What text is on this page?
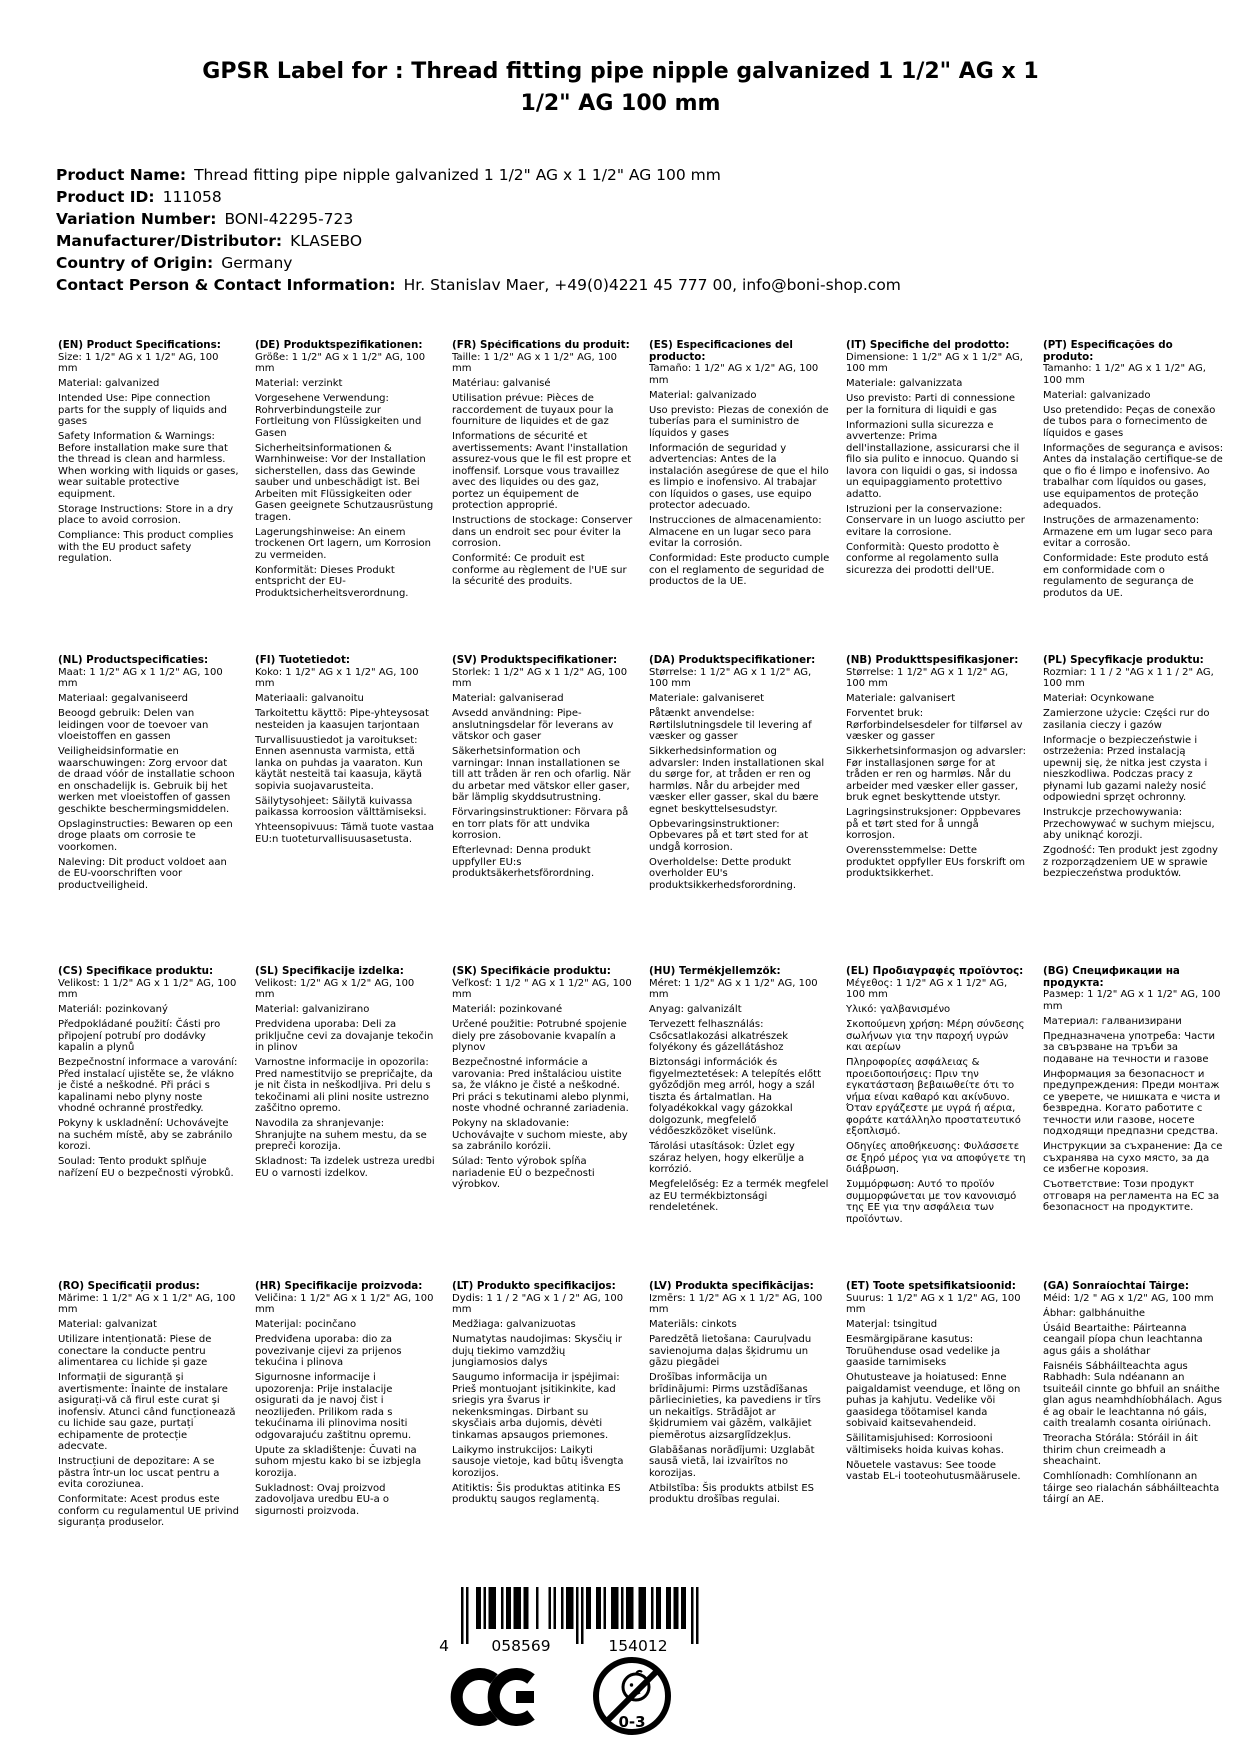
GPSR Label for : Thread fitting pipe nipple galvanized 1 1/2" AG x 1 1/2" AG 100 mm
Product Name: Thread fitting pipe nipple galvanized 1 1/2" AG x 1 1/2" AG 100 mm
Product ID: 111058
Variation Number: BONI-42295-723
Manufacturer/Distributor: KLASEBO
Country of Origin: Germany
Contact Person & Contact Information: Hr. Stanislav Maer, +49(0)4221 45 777 00, info@boni-shop.com
(EN) Product Specifications:

Size: 1 1/2" AG x 1 1/2" AG, 100 mm

Material: galvanized

Intended Use: Pipe connection parts for the supply of liquids and gases

Safety Information & Warnings: Before installation make sure that the thread is clean and harmless. When working with liquids or gases, wear suitable protective equipment.

Storage Instructions: Store in a dry place to avoid corrosion.

Compliance: This product complies with the EU product safety regulation.

(DE) Produktspezifikationen:

Größe: 1 1/2" AG x 1 1/2" AG, 100 mm

Material: verzinkt

Vorgesehene Verwendung: Rohrverbindungsteile zur Fortleitung von Flüssigkeiten und Gasen

Sicherheitsinformationen & Warnhinweise: Vor der Installation sicherstellen, dass das Gewinde sauber und unbeschädigt ist. Bei Arbeiten mit Flüssigkeiten oder Gasen geeignete Schutzausrüstung tragen.

Lagerungshinweise: An einem trockenen Ort lagern, um Korrosion zu vermeiden.

Konformität: Dieses Produkt entspricht der EU-Produktsicherheitsverordnung.

(FR) Spécifications du produit:

Taille: 1 1/2" AG x 1 1/2" AG, 100 mm

Matériau: galvanisé

Utilisation prévue: Pièces de raccordement de tuyaux pour la fourniture de liquides et de gaz

Informations de sécurité et avertissements: Avant l'installation assurez-vous que le fil est propre et inoffensif. Lorsque vous travaillez avec des liquides ou des gaz, portez un équipement de protection approprié.

Instructions de stockage: Conserver dans un endroit sec pour éviter la corrosion.

Conformité: Ce produit est conforme au règlement de l'UE sur la sécurité des produits.

(ES) Especificaciones del producto:

Tamaño: 1 1/2" AG x 1/2" AG, 100 mm

Material: galvanizado

Uso previsto: Piezas de conexión de tuberías para el suministro de líquidos y gases

Información de seguridad y advertencias: Antes de la instalación asegúrese de que el hilo es limpio e inofensivo. Al trabajar con líquidos o gases, use equipo protector adecuado.

Instrucciones de almacenamiento: Almacene en un lugar seco para evitar la corrosión.

Conformidad: Este producto cumple con el reglamento de seguridad de productos de la UE.

(IT) Specifiche del prodotto:

Dimensione: 1 1/2" AG x 1 1/2" AG, 100 mm

Materiale: galvanizzata

Uso previsto: Parti di connessione per la fornitura di liquidi e gas

Informazioni sulla sicurezza e avvertenze: Prima dell'installazione, assicurarsi che il filo sia pulito e innocuo. Quando si lavora con liquidi o gas, si indossa un equipaggiamento protettivo adatto.

Istruzioni per la conservazione: Conservare in un luogo asciutto per evitare la corrosione.

Conformità: Questo prodotto è conforme al regolamento sulla sicurezza dei prodotti dell'UE.

(PT) Especificações do produto:

Tamanho: 1 1/2" AG x 1 1/2" AG, 100 mm

Material: galvanizado

Uso pretendido: Peças de conexão de tubos para o fornecimento de líquidos e gases

Informações de segurança e avisos: Antes da instalação certifique-se de que o fio é limpo e inofensivo. Ao trabalhar com líquidos ou gases, use equipamentos de proteção adequados.

Instruções de armazenamento: Armazene em um lugar seco para evitar a corrosão.

Conformidade: Este produto está em conformidade com o regulamento de segurança de produtos da UE.

(NL) Productspecificaties:

Maat: 1 1/2" AG x 1 1/2" AG, 100 mm

Materiaal: gegalvaniseerd

Beoogd gebruik: Delen van leidingen voor de toevoer van vloeistoffen en gassen

Veiligheidsinformatie en waarschuwingen: Zorg ervoor dat de draad vóór de installatie schoon en onschadelijk is. Gebruik bij het werken met vloeistoffen of gassen geschikte beschermingsmiddelen.

Opslaginstructies: Bewaren op een droge plaats om corrosie te voorkomen.

Naleving: Dit product voldoet aan de EU-voorschriften voor productveiligheid.

(FI) Tuotetiedot:

Koko: 1 1/2" AG x 1 1/2" AG, 100 mm

Materiaali: galvanoitu

Tarkoitettu käyttö: Pipe-yhteysosat nesteiden ja kaasujen tarjontaan

Turvallisuustiedot ja varoitukset: Ennen asennusta varmista, että lanka on puhdas ja vaaraton. Kun käytät nesteitä tai kaasuja, käytä sopivia suojavarusteita.

Säilytysohjeet: Säilytä kuivassa paikassa korroosion välttämiseksi.

Yhteensopivuus: Tämä tuote vastaa EU:n tuoteturvallisuusasetusta.

(SV) Produktspecifikationer:

Storlek: 1 1/2" AG x 1 1/2" AG, 100 mm

Material: galvaniserad

Avsedd användning: Pipe-anslutningsdelar för leverans av vätskor och gaser

Säkerhetsinformation och varningar: Innan installationen se till att tråden är ren och ofarlig. När du arbetar med vätskor eller gaser, bär lämplig skyddsutrustning.

Förvaringsinstruktioner: Förvara på en torr plats för att undvika korrosion.

Efterlevnad: Denna produkt uppfyller EU:s produktsäkerhetsförordning.

(DA) Produktspecifikationer:

Størrelse: 1 1/2" AG x 1 1/2" AG, 100 mm

Materiale: galvaniseret

Påtænkt anvendelse: Rørtilslutningsdele til levering af væsker og gasser

Sikkerhedsinformation og advarsler: Inden installationen skal du sørge for, at tråden er ren og harmløs. Når du arbejder med væsker eller gasser, skal du bære egnet beskyttelsesudstyr.

Opbevaringsinstruktioner: Opbevares på et tørt sted for at undgå korrosion.

Overholdelse: Dette produkt overholder EU's produktsikkerhedsforordning.

(NB) Produkttspesifikasjoner:

Størrelse: 1 1/2" AG x 1 1/2" AG, 100 mm

Materiale: galvanisert

Forventet bruk: Rørforbindelsesdeler for tilførsel av væsker og gasser

Sikkerhetsinformasjon og advarsler: Før installasjonen sørge for at tråden er ren og harmløs. Når du arbeider med væsker eller gasser, bruk egnet beskyttende utstyr.

Lagringsinstruksjoner: Oppbevares på et tørt sted for å unngå korrosjon.

Overensstemmelse: Dette produktet oppfyller EUs forskrift om produktsikkerhet.

(PL) Specyfikacje produktu:

Rozmiar: 1 1 / 2 "AG x 1 1 / 2" AG, 100 mm

Materiał: Ocynkowane

Zamierzone użycie: Części rur do zasilania cieczy i gazów

Informacje o bezpieczeństwie i ostrzeżenia: Przed instalacją upewnij się, że nitka jest czysta i nieszkodliwa. Podczas pracy z płynami lub gazami należy nosić odpowiedni sprzęt ochronny.

Instrukcje przechowywania: Przechowywać w suchym miejscu, aby uniknąć korozji.

Zgodność: Ten produkt jest zgodny z rozporządzeniem UE w sprawie bezpieczeństwa produktów.

(CS) Specifikace produktu:

Velikost: 1 1/2" AG x 1 1/2" AG, 100 mm

Materiál: pozinkovaný

Předpokládané použití: Části pro připojení potrubí pro dodávky kapalin a plynů

Bezpečnostní informace a varování: Před instalací ujistěte se, že vlákno je čisté a neškodné. Při práci s kapalinami nebo plyny noste vhodné ochranné prostředky.

Pokyny k uskladnění: Uchovávejte na suchém místě, aby se zabránilo korozi.

Soulad: Tento produkt splňuje nařízení EU o bezpečnosti výrobků.

(SL) Specifikacije izdelka:

Velikost: 1/2" AG x 1/2" AG, 100 mm

Material: galvanizirano

Predvidena uporaba: Deli za priključne cevi za dovajanje tekočin in plinov

Varnostne informacije in opozorila: Pred namestitvijo se prepričajte, da je nit čista in neškodljiva. Pri delu s tekočinami ali plini nosite ustrezno zaščitno opremo.

Navodila za shranjevanje: Shranjujte na suhem mestu, da se prepreči korozija.

Skladnost: Ta izdelek ustreza uredbi EU o varnosti izdelkov.

(SK) Špecifikácie produktu:

Veľkosť: 1 1/2 " AG x 1 1/2" AG, 100 mm

Materiál: pozinkované

Určené použitie: Potrubné spojenie diely pre zásobovanie kvapalín a plynov

Bezpečnostné informácie a varovania: Pred inštaláciou uistite sa, že vlákno je čisté a neškodné. Pri práci s tekutinami alebo plynmi, noste vhodné ochranné zariadenia.

Pokyny na skladovanie: Uchovávajte v suchom mieste, aby sa zabránilo korózii.

Súlad: Tento výrobok spĺňa nariadenie EÚ o bezpečnosti výrobkov.

(HU) Termékjellemzők:

Méret: 1 1/2" AG x 1 1/2" AG, 100 mm

Anyag: galvanizált

Tervezett felhasználás: Csőcsatlakozási alkatrészek folyékony és gázellátáshoz

Biztonsági információk és figyelmeztetések: A telepítés előtt győződjön meg arról, hogy a szál tiszta és ártalmatlan. Ha folyadékokkal vagy gázokkal dolgozunk, megfelelő védőeszközöket viselünk.

Tárolási utasítások: Üzlet egy száraz helyen, hogy elkerülje a korrózió.

Megfelelőség: Ez a termék megfelel az EU termékbiztonsági rendeletének.

(EL) Προδιαγραφές προϊόντος:

Μέγεθος: 1 1/2" AG x 1 1/2" AG, 100 mm

Υλικό: γαλβανισμένο

Σκοπούμενη χρήση: Μέρη σύνδεσης σωλήνων για την παροχή υγρών και αερίων

Πληροφορίες ασφάλειας & προειδοποιήσεις: Πριν την εγκατάσταση βεβαιωθείτε ότι το νήμα είναι καθαρό και ακίνδυνο. Όταν εργάζεστε με υγρά ή αέρια, φοράτε κατάλληλο προστατευτικό εξοπλισμό.

Οδηγίες αποθήκευσης: Φυλάσσετε σε ξηρό μέρος για να αποφύγετε τη διάβρωση.

Συμμόρφωση: Αυτό το προϊόν συμμορφώνεται με τον κανονισμό της ΕΕ για την ασφάλεια των προϊόντων.

(BG) Спецификации на продукта:

Размер: 1 1/2" AG x 1 1/2" AG, 100 mm

Материал: галванизирани

Предназначена употреба: Части за свързване на тръби за подаване на течности и газове

Информация за безопасност и предупреждения: Преди монтаж се уверете, че нишката е чиста и безвредна. Когато работите с течности или газове, носете подходящи предпазни средства.

Инструкции за съхранение: Да се съхранява на сухо място, за да се избегне корозия.

Съответствие: Този продукт отговаря на регламента на ЕС за безопасност на продуктите.

(RO) Specificații produs:

Mărime: 1 1/2" AG x 1 1/2" AG, 100 mm

Material: galvanizat

Utilizare intenționată: Piese de conectare la conducte pentru alimentarea cu lichide și gaze

Informații de siguranță și avertismente: Înainte de instalare asigurați-vă că firul este curat și inofensiv. Atunci când funcționează cu lichide sau gaze, purtați echipamente de protecție adecvate.

Instrucțiuni de depozitare: A se păstra într-un loc uscat pentru a evita coroziunea.

Conformitate: Acest produs este conform cu regulamentul UE privind siguranța produselor.

(HR) Specifikacije proizvoda:

Veličina: 1 1/2" AG x 1 1/2" AG, 100 mm

Materijal: pocinčano

Predviđena uporaba: dio za povezivanje cijevi za prijenos tekućina i plinova

Sigurnosne informacije i upozorenja: Prije instalacije osigurati da je navoj čist i neozlijeđen. Prilikom rada s tekućinama ili plinovima nositi odgovarajuću zaštitnu opremu.

Upute za skladištenje: Čuvati na suhom mjestu kako bi se izbjegla korozija.

Sukladnost: Ovaj proizvod zadovoljava uredbu EU-a o sigurnosti proizvoda.

(LT) Produkto specifikacijos:

Dydis: 1 1 / 2 "AG x 1 / 2" AG, 100 mm

Medžiaga: galvanizuotas

Numatytas naudojimas: Skysčių ir dujų tiekimo vamzdžių jungiamosios dalys

Saugumo informacija ir įspėjimai: Prieš montuojant įsitikinkite, kad sriegis yra švarus ir nekenksmingas. Dirbant su skysčiais arba dujomis, dėvėti tinkamas apsaugos priemones.

Laikymo instrukcijos: Laikyti sausoje vietoje, kad būtų išvengta korozijos.

Atitiktis: Šis produktas atitinka ES produktų saugos reglamentą.

(LV) Produkta specifikācijas:

Izmērs: 1 1/2" AG x 1 1/2" AG, 100 mm

Materiāls: cinkots

Paredzētā lietošana: Cauruļvadu savienojuma daļas šķidrumu un gāzu piegādei

Drošības informācija un brīdinājumi: Pirms uzstādīšanas pārliecinieties, ka pavediens ir tīrs un nekaitīgs. Strādājot ar šķidrumiem vai gāzēm, valkājiet piemērotus aizsarglīdzekļus.

Glabāšanas norādījumi: Uzglabāt sausā vietā, lai izvairītos no korozijas.

Atbilstība: Šis produkts atbilst ES produktu drošības regulai.

(ET) Toote spetsifikatsioonid:

Suurus: 1 1/2" AG x 1 1/2" AG, 100 mm

Materjal: tsingitud

Eesmärgipärane kasutus: Toruühenduse osad vedelike ja gaaside tarnimiseks

Ohutusteave ja hoiatused: Enne paigaldamist veenduge, et lõng on puhas ja kahjutu. Vedelike või gaasidega töötamisel kanda sobivaid kaitsevahendeid.

Säilitamisjuhised: Korrosiooni vältimiseks hoida kuivas kohas.

Nõuetele vastavus: See toode vastab EL-i tooteohutusmäärusele.

(GA) Sonraíochtaí Táirge:

Méid: 1/2 " AG x 1/2" AG, 100 mm

Ábhar: galbhánuithe

Úsáid Beartaithe: Páirteanna ceangail píopa chun leachtanna agus gáis a sholáthar

Faisnéis Sábháilteachta agus Rabhadh: Sula ndéanann an tsuiteáil cinnte go bhfuil an snáithe glan agus neamhdhíobhálach. Agus é ag obair le leachtanna nó gáis, caith trealamh cosanta oiriúnach.

Treoracha Stórála: Stóráil in áit thirim chun creimeadh a sheachaint.

Comhlíonadh: Comhlíonann an táirge seo rialachán sábháilteachta táirgí an AE.

4	058569	154012
0-3
